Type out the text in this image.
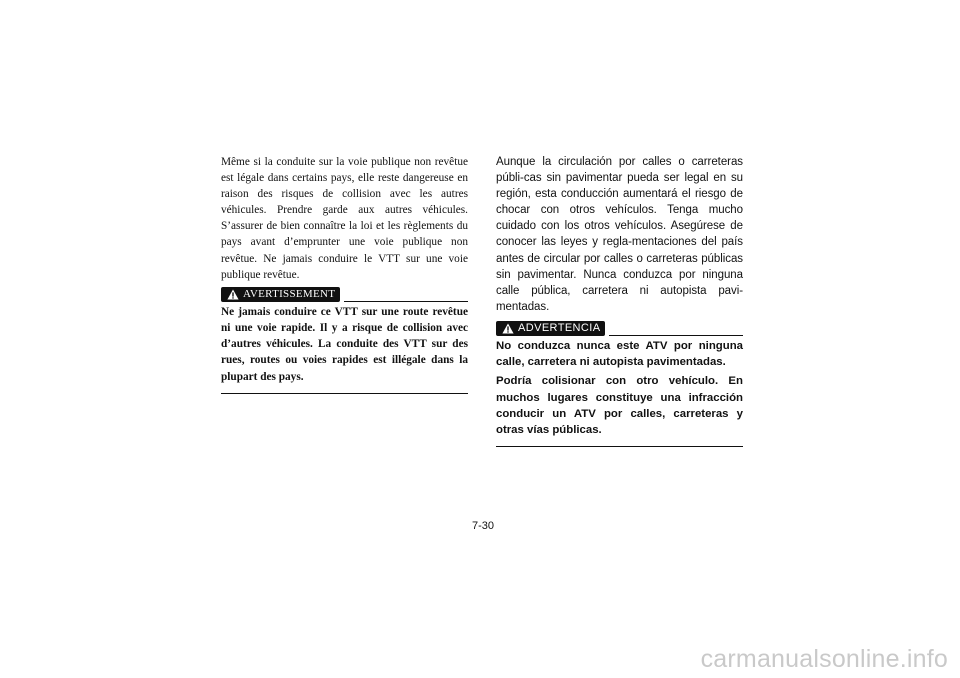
Même si la conduite sur la voie publique non revêtue est légale dans certains pays, elle reste dangereuse en raison des risques de collision avec les autres véhicules. Prendre garde aux autres véhicules. S’assurer de bien connaître la loi et les règlements du pays avant d’emprunter une voie publique non revêtue. Ne jamais conduire le VTT sur une voie publique revêtue.

AVERTISSEMENT

Ne jamais conduire ce VTT sur une route revêtue ni une voie rapide. Il y a risque de collision avec d’autres véhicules. La conduite des VTT sur des rues, routes ou voies rapides est illégale dans la plupart des pays.

Aunque la circulación por calles o carreteras públi-cas sin pavimentar pueda ser legal en su región, esta conducción aumentará el riesgo de chocar con otros vehículos. Tenga mucho cuidado con los otros vehículos. Asegúrese de conocer las leyes y regla-mentaciones del país antes de circular por calles o carreteras públicas sin pavimentar. Nunca conduzca por ninguna calle pública, carretera ni autopista pavi-mentadas.

ADVERTENCIA

No conduzca nunca este ATV por ninguna calle, carretera ni autopista pavimentadas.

Podría colisionar con otro vehículo. En muchos lugares constituye una infracción conducir un ATV por calles, carreteras y otras vías públicas.

7-30
carmanualsonline.info
